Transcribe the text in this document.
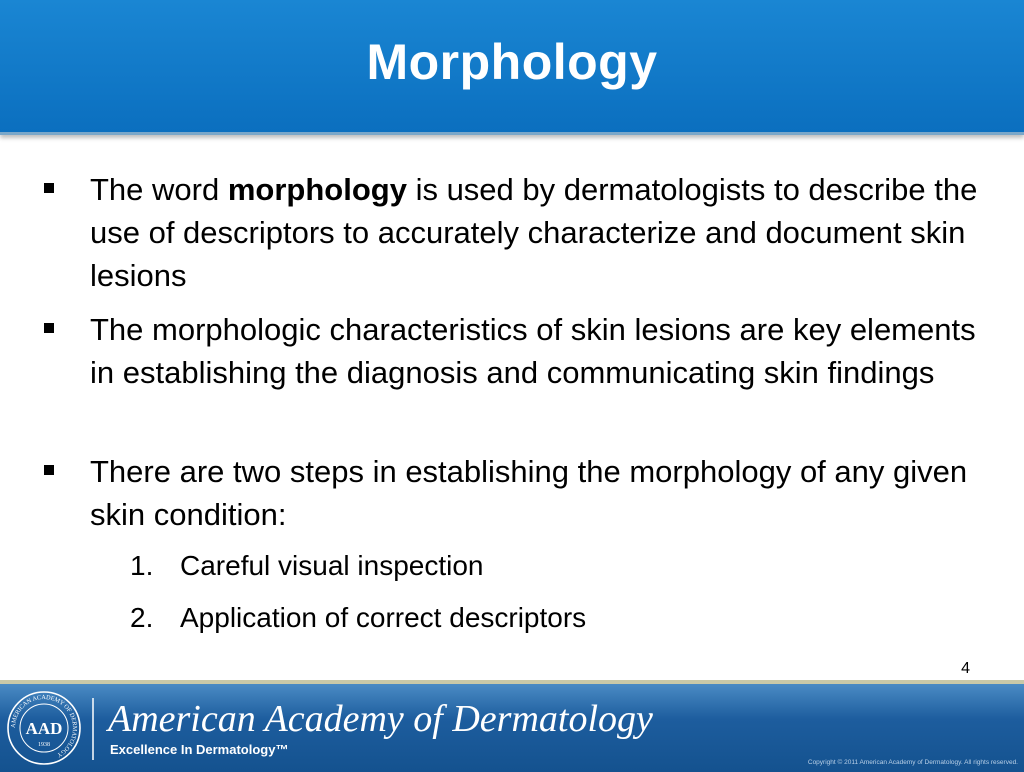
Morphology
The word morphology is used by dermatologists to describe the use of descriptors to accurately characterize and document skin lesions
The morphologic characteristics of skin lesions are key elements in establishing the diagnosis and communicating skin findings
There are two steps in establishing the morphology of any given skin condition:
1. Careful visual inspection
2. Application of correct descriptors
4
AMERICAN ACADEMY OF DERMATOLOGY
AAD
1938
American Academy of Dermatology
Excellence In Dermatology™
Copyright © 2011 American Academy of Dermatology. All rights reserved.
